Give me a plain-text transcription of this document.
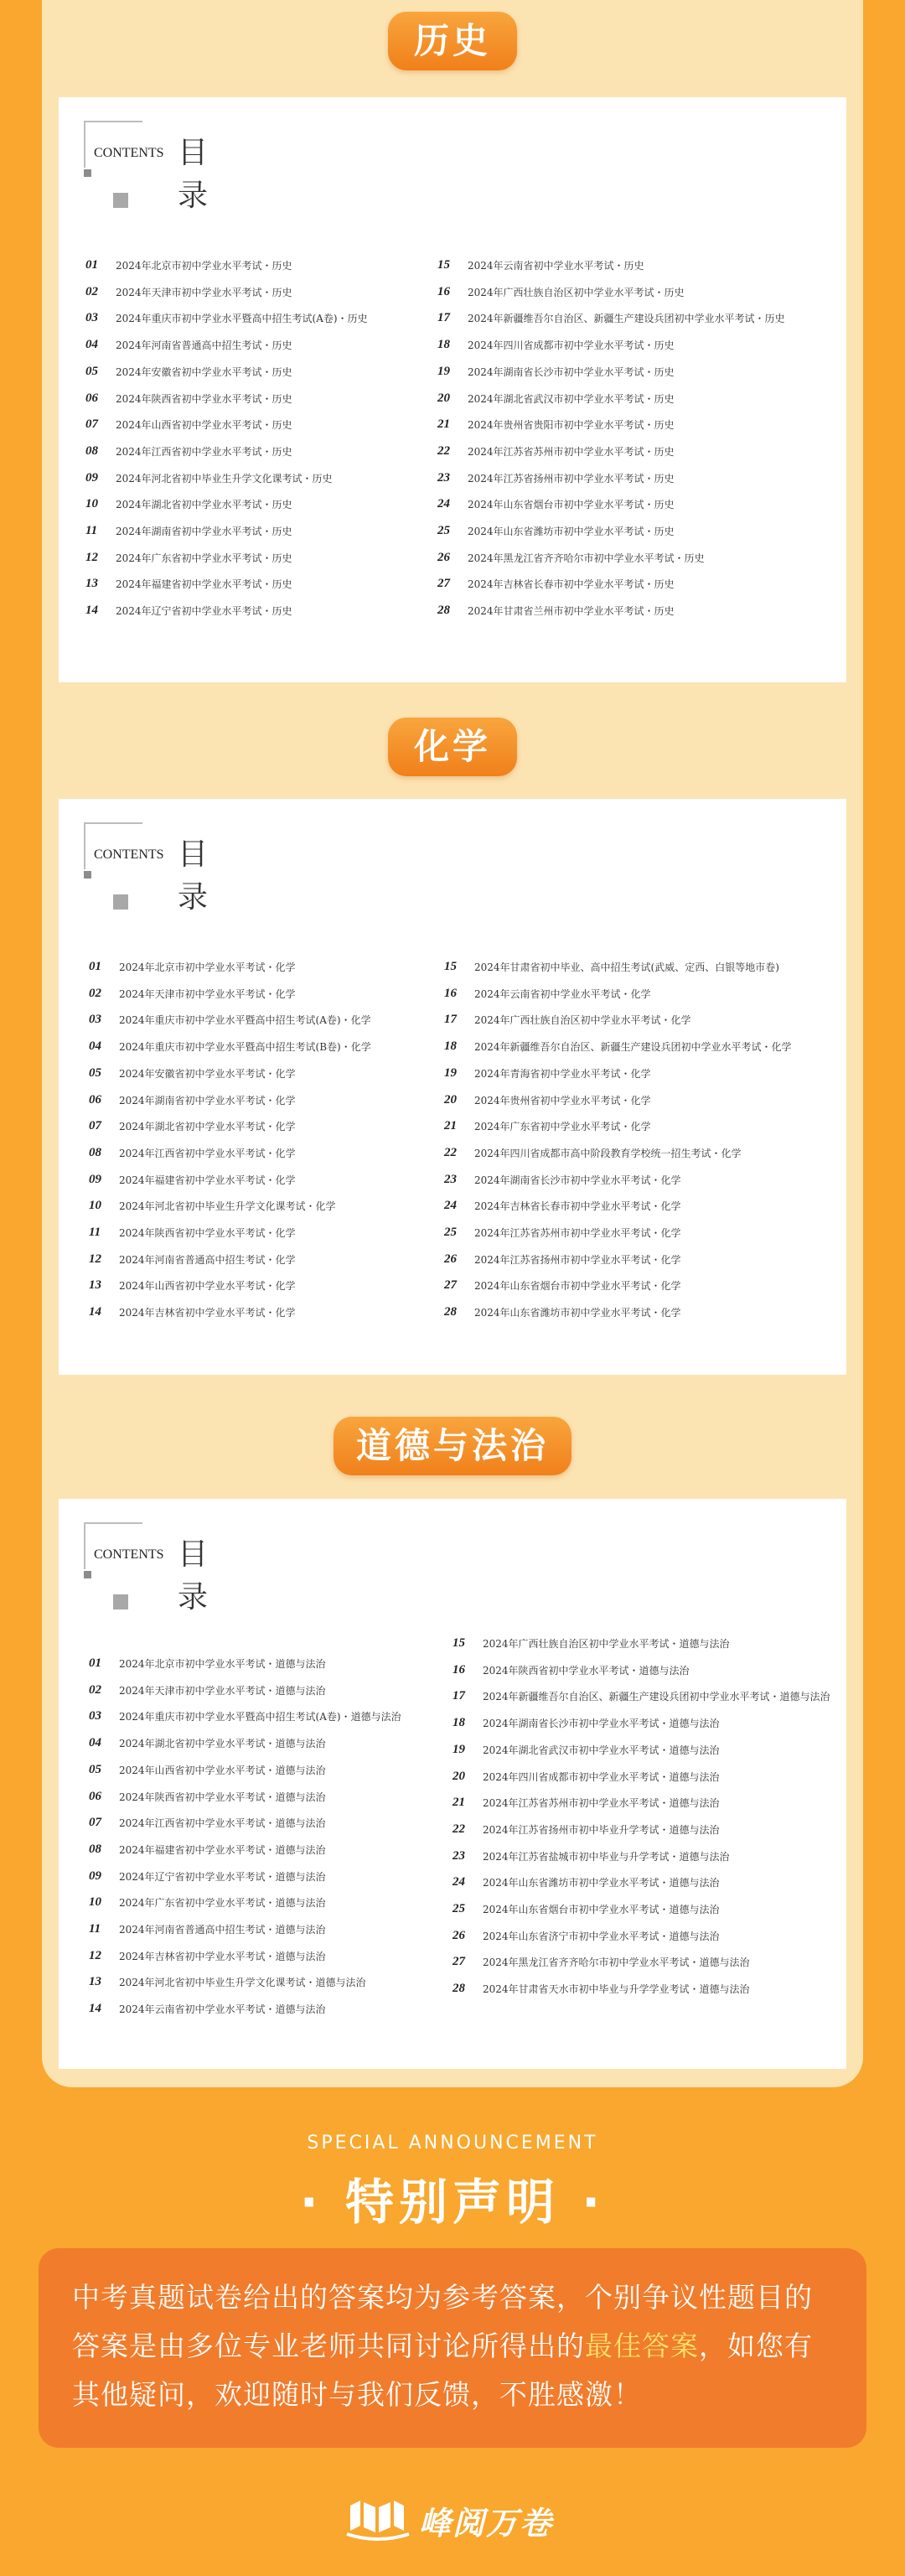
历史
CONTENTS 目 录
01 2024年北京市初中学业水平考试・历史
02 2024年天津市初中学业水平考试・历史
03 2024年重庆市初中学业水平暨高中招生考试(A卷)・历史
04 2024年河南省普通高中招生考试・历史
05 2024年安徽省初中学业水平考试・历史
06 2024年陕西省初中学业水平考试・历史
07 2024年山西省初中学业水平考试・历史
08 2024年江西省初中学业水平考试・历史
09 2024年河北省初中毕业生升学文化课考试・历史
10 2024年湖北省初中学业水平考试・历史
11 2024年湖南省初中学业水平考试・历史
12 2024年广东省初中学业水平考试・历史
13 2024年福建省初中学业水平考试・历史
14 2024年辽宁省初中学业水平考试・历史
15 2024年云南省初中学业水平考试・历史
16 2024年广西壮族自治区初中学业水平考试・历史
17 2024年新疆维吾尔自治区、新疆生产建设兵团初中学业水平考试・历史
18 2024年四川省成都市初中学业水平考试・历史
19 2024年湖南省长沙市初中学业水平考试・历史
20 2024年湖北省武汉市初中学业水平考试・历史
21 2024年贵州省贵阳市初中学业水平考试・历史
22 2024年江苏省苏州市初中学业水平考试・历史
23 2024年江苏省扬州市初中学业水平考试・历史
24 2024年山东省烟台市初中学业水平考试・历史
25 2024年山东省潍坊市初中学业水平考试・历史
26 2024年黑龙江省齐齐哈尔市初中学业水平考试・历史
27 2024年吉林省长春市初中学业水平考试・历史
28 2024年甘肃省兰州市初中学业水平考试・历史
化学
CONTENTS 目 录
01 2024年北京市初中学业水平考试・化学
02 2024年天津市初中学业水平考试・化学
03 2024年重庆市初中学业水平暨高中招生考试(A卷)・化学
04 2024年重庆市初中学业水平暨高中招生考试(B卷)・化学
05 2024年安徽省初中学业水平考试・化学
06 2024年湖南省初中学业水平考试・化学
07 2024年湖北省初中学业水平考试・化学
08 2024年江西省初中学业水平考试・化学
09 2024年福建省初中学业水平考试・化学
10 2024年河北省初中毕业生升学文化课考试・化学
11 2024年陕西省初中学业水平考试・化学
12 2024年河南省普通高中招生考试・化学
13 2024年山西省初中学业水平考试・化学
14 2024年吉林省初中学业水平考试・化学
15 2024年甘肃省初中毕业、高中招生考试(武威、定西、白银等地市卷)
16 2024年云南省初中学业水平考试・化学
17 2024年广西壮族自治区初中学业水平考试・化学
18 2024年新疆维吾尔自治区、新疆生产建设兵团初中学业水平考试・化学
19 2024年青海省初中学业水平考试・化学
20 2024年贵州省初中学业水平考试・化学
21 2024年广东省初中学业水平考试・化学
22 2024年四川省成都市高中阶段教育学校统一招生考试・化学
23 2024年湖南省长沙市初中学业水平考试・化学
24 2024年吉林省长春市初中学业水平考试・化学
25 2024年江苏省苏州市初中学业水平考试・化学
26 2024年江苏省扬州市初中学业水平考试・化学
27 2024年山东省烟台市初中学业水平考试・化学
28 2024年山东省潍坊市初中学业水平考试・化学
道德与法治
CONTENTS 目 录
01 2024年北京市初中学业水平考试・道德与法治
02 2024年天津市初中学业水平考试・道德与法治
03 2024年重庆市初中学业水平暨高中招生考试(A卷)・道德与法治
04 2024年湖北省初中学业水平考试・道德与法治
05 2024年山西省初中学业水平考试・道德与法治
06 2024年陕西省初中学业水平考试・道德与法治
07 2024年江西省初中学业水平考试・道德与法治
08 2024年福建省初中学业水平考试・道德与法治
09 2024年辽宁省初中学业水平考试・道德与法治
10 2024年广东省初中学业水平考试・道德与法治
11 2024年河南省普通高中招生考试・道德与法治
12 2024年吉林省初中学业水平考试・道德与法治
13 2024年河北省初中毕业生升学文化课考试・道德与法治
14 2024年云南省初中学业水平考试・道德与法治
15 2024年广西壮族自治区初中学业水平考试・道德与法治
16 2024年陕西省初中学业水平考试・道德与法治
17 2024年新疆维吾尔自治区、新疆生产建设兵团初中学业水平考试・道德与法治
18 2024年湖南省长沙市初中学业水平考试・道德与法治
19 2024年湖北省武汉市初中学业水平考试・道德与法治
20 2024年四川省成都市初中学业水平考试・道德与法治
21 2024年江苏省苏州市初中学业水平考试・道德与法治
22 2024年江苏省扬州市初中毕业升学考试・道德与法治
23 2024年江苏省盐城市初中毕业与升学考试・道德与法治
24 2024年山东省潍坊市初中学业水平考试・道德与法治
25 2024年山东省烟台市初中学业水平考试・道德与法治
26 2024年山东省济宁市初中学业水平考试・道德与法治
27 2024年黑龙江省齐齐哈尔市初中学业水平考试・道德与法治
28 2024年甘肃省天水市初中毕业与升学学业考试・道德与法治
SPECIAL ANNOUNCEMENT
· 特别声明 ·
中考真题试卷给出的答案均为参考答案，个别争议性题目的答案是由多位专业老师共同讨论所得出的最佳答案，如您有其他疑问，欢迎随时与我们反馈，不胜感激！
峰阅万卷
